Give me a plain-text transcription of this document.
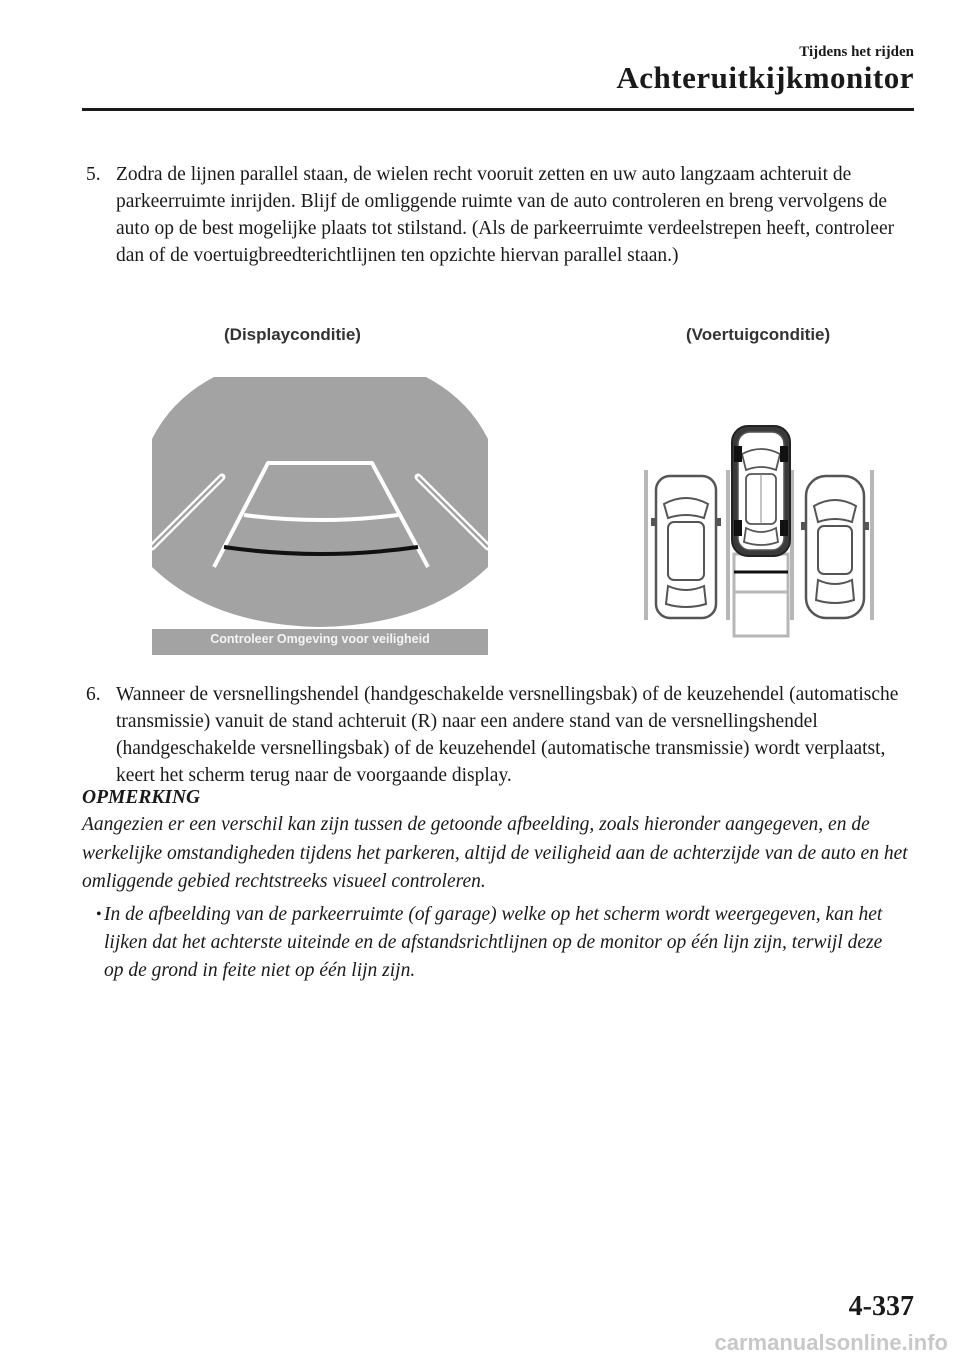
Tijdens het rijden
Achteruitkijkmonitor
5. Zodra de lijnen parallel staan, de wielen recht vooruit zetten en uw auto langzaam achteruit de parkeerruimte inrijden. Blijf de omliggende ruimte van de auto controleren en breng vervolgens de auto op de best mogelijke plaats tot stilstand. (Als de parkeerruimte verdeelstrepen heeft, controleer dan of de voertuigbreedterichtlijnen ten opzichte hiervan parallel staan.)
(Displayconditie)	(Voertuigconditie)
Controleer Omgeving voor veiligheid
6. Wanneer de versnellingshendel (handgeschakelde versnellingsbak) of de keuzehendel (automatische transmissie) vanuit de stand achteruit (R) naar een andere stand van de versnellingshendel (handgeschakelde versnellingsbak) of de keuzehendel (automatische transmissie) wordt verplaatst, keert het scherm terug naar de voorgaande display.
OPMERKING
Aangezien er een verschil kan zijn tussen de getoonde afbeelding, zoals hieronder aangegeven, en de werkelijke omstandigheden tijdens het parkeren, altijd de veiligheid aan de achterzijde van de auto en het omliggende gebied rechtstreeks visueel controleren.
• In de afbeelding van de parkeerruimte (of garage) welke op het scherm wordt weergegeven, kan het lijken dat het achterste uiteinde en de afstandsrichtlijnen op de monitor op één lijn zijn, terwijl deze op de grond in feite niet op één lijn zijn.
4-337
carmanualsonline.info
